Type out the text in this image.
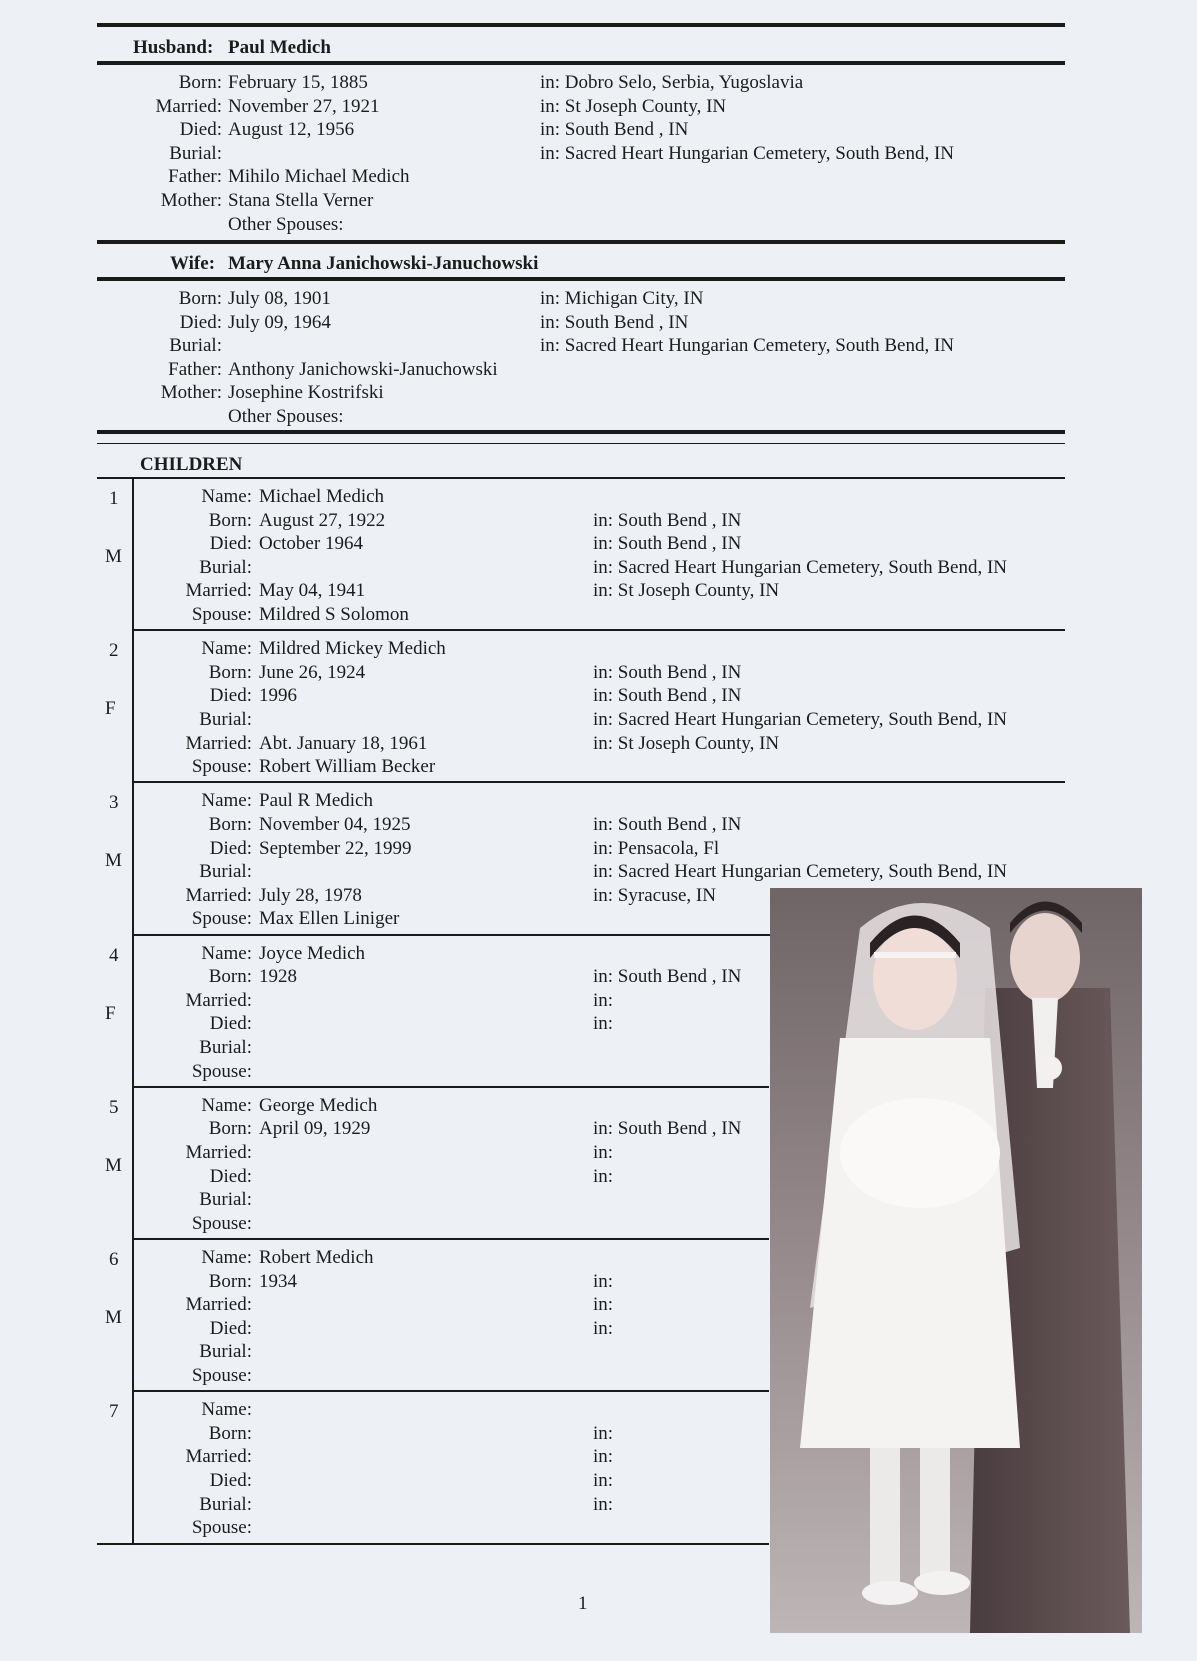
Husband: Paul Medich
Born: February 15, 1885	in: Dobro Selo, Serbia, Yugoslavia
Married: November 27, 1921	in: St Joseph County, IN
Died: August 12, 1956	in: South Bend , IN
Burial:	in: Sacred Heart Hungarian Cemetery, South Bend, IN
Father: Mihilo Michael Medich
Mother: Stana Stella Verner
Other Spouses:
Wife: Mary Anna Janichowski-Januchowski
Born: July 08, 1901	in: Michigan City, IN
Died: July 09, 1964	in: South Bend , IN
Burial:	in: Sacred Heart Hungarian Cemetery, South Bend, IN
Father: Anthony Janichowski-Januchowski
Mother: Josephine Kostrifski
Other Spouses:
CHILDREN
1
M
Name: Michael Medich
Born: August 27, 1922	in: South Bend , IN
Died: October 1964	in: South Bend , IN
Burial:	in: Sacred Heart Hungarian Cemetery, South Bend, IN
Married: May 04, 1941	in: St Joseph County, IN
Spouse: Mildred S Solomon
2
F
Name: Mildred Mickey Medich
Born: June 26, 1924	in: South Bend , IN
Died: 1996	in: South Bend , IN
Burial:	in: Sacred Heart Hungarian Cemetery, South Bend, IN
Married: Abt. January 18, 1961	in: St Joseph County, IN
Spouse: Robert William Becker
3
M
Name: Paul R Medich
Born: November 04, 1925	in: South Bend , IN
Died: September 22, 1999	in: Pensacola, Fl
Burial:	in: Sacred Heart Hungarian Cemetery, South Bend, IN
Married: July 28, 1978	in: Syracuse, IN
Spouse: Max Ellen Liniger
4
F
Name: Joyce Medich
Born: 1928	in: South Bend , IN
Married:	in:
Died:	in:
Burial:
Spouse:
5
M
Name: George Medich
Born: April 09, 1929	in: South Bend , IN
Married:	in:
Died:	in:
Burial:
Spouse:
6
M
Name: Robert Medich
Born: 1934	in:
Married:	in:
Died:	in:
Burial:
Spouse:
7	Name:
Born:	in:
Married:	in:
Died:	in:
Burial:	in:
Spouse:
1
